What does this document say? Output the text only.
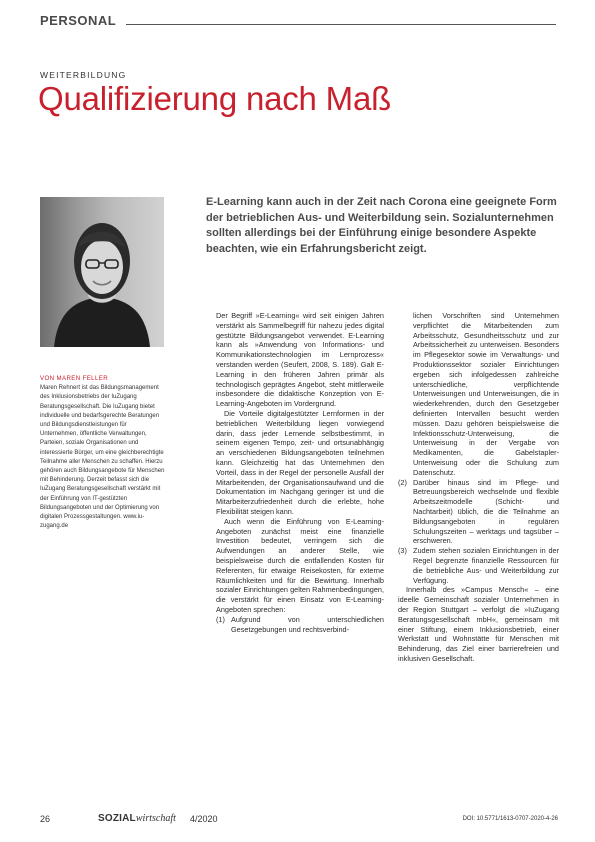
PERSONAL
WEITERBILDUNG
Qualifizierung nach Maß
E-Learning kann auch in der Zeit nach Corona eine geeignete Form der betrieblichen Aus- und Weiterbildung sein. Sozialunternehmen sollten allerdings bei der Einführung einige besondere Aspekte beachten, wie ein Erfahrungsbericht zeigt.
VON MAREN FELLER
Maren Rehnert ist das Bildungsmanagement des Inklusionsbetriebs der IuZugang Beratungsgesellschaft. Die IuZugang bietet individuelle und bedarfsgerechte Beratungen und Bildungsdienstleistungen für Unternehmen, öffentliche Verwaltungen, Parteien, soziale Organisationen und interessierte Bürger, um eine gleichberechtigte Teilnahme aller Menschen zu schaffen. Hierzu gehören auch Bildungsangebote für Menschen mit Behinderung. Derzeit befasst sich die IuZugang Beratungsgesellschaft verstärkt mit der Einführung von IT-gestützten Bildungsangeboten und der Optimierung von digitalen Prozessgestaltungen. www.iu-zugang.de

Der Begriff »E-Learning« wird seit einigen Jahren verstärkt als Sammelbegriff für nahezu jedes digital gestützte Bildungsangebot verwendet. E-Learning kann als »Anwendung von Informations- und Kommunikationstechnologien im Lernprozess« verstanden werden (Seufert, 2008, S. 189). Galt E-Learning in den früheren Jahren primär als technologisch geprägtes Angebot, steht mittlerweile insbesondere die didaktische Konzeption von E-Learning-Angeboten im Vordergrund.

Die Vorteile digitalgestützter Lernformen in der betrieblichen Weiterbildung liegen vorwiegend darin, dass jeder Lernende selbstbestimmt, in seinem eigenen Tempo, zeit- und ortsunabhängig an verschiedenen Bildungsangeboten teilnehmen kann. Gleichzeitig hat das Unternehmen den Vorteil, dass in der Regel der personelle Ausfall der Mitarbeitenden, der Organisationsaufwand und die Dokumentation im Nachgang geringer ist und die Mitarbeiterzufriedenheit durch die erlebte, hohe Flexibilität steigen kann.

Auch wenn die Einführung von E-Learning-Angeboten zunächst meist eine finanzielle Investition bedeutet, verringern sich die Aufwendungen an anderer Stelle, wie beispielsweise durch die entfallenden Kosten für Referenten, für etwaige Reisekosten, für externe Räumlichkeiten und für die Bewirtung. Innerhalb sozialer Einrichtungen gelten Rahmenbedingungen, die verstärkt für einen Einsatz von E-Learning-Angeboten sprechen:

(1) Aufgrund von unterschiedlichen Gesetzgebungen und rechtsverbind-
lichen Vorschriften sind Unternehmen verpflichtet die Mitarbeitenden zum Arbeitsschutz, Gesundheitsschutz und zur Arbeitssicherheit zu unterweisen. Besonders im Pflegesektor sowie im Verwaltungs- und Produktionssektor sozialer Einrichtungen ergeben sich infolgedessen zahlreiche unterschiedliche, verpflichtende Unterweisungen und Unterweisungen, die in wiederkehrenden, durch den Gesetzgeber definierten Intervallen besucht werden müssen. Dazu gehören beispielsweise die Infektionsschutz-Unterweisung, die Unterweisung in der Vergabe von Medikamenten, die Gabelstapler-Unterweisung oder die Schulung zum Datenschutz.
(2) Darüber hinaus sind im Pflege- und Betreuungsbereich wechselnde und flexible Arbeitszeitmodelle (Schicht- und Nachtarbeit) üblich, die die Teilnahme an Bildungsangeboten in regulären Schulungszeiten – werktags und tagsüber – erschweren.
(3) Zudem stehen sozialen Einrichtungen in der Regel begrenzte finanzielle Ressourcen für die betriebliche Aus- und Weiterbildung zur Verfügung.

Innerhalb des »Campus Mensch« – eine ideelle Gemeinschaft sozialer Unternehmen in der Region Stuttgart – verfolgt die »IuZugang Beratungsgesellschaft mbH«, gemeinsam mit einer Stiftung, einem Inklusionsbetrieb, einer Werkstatt und Wohnstätte für Menschen mit Behinderung, das Ziel einer barrierefreien und inklusiven Gesellschaft.

26	SOZIALwirtschaft 4/2020	DOI: 10.5771/1613-0707-2020-4-26
